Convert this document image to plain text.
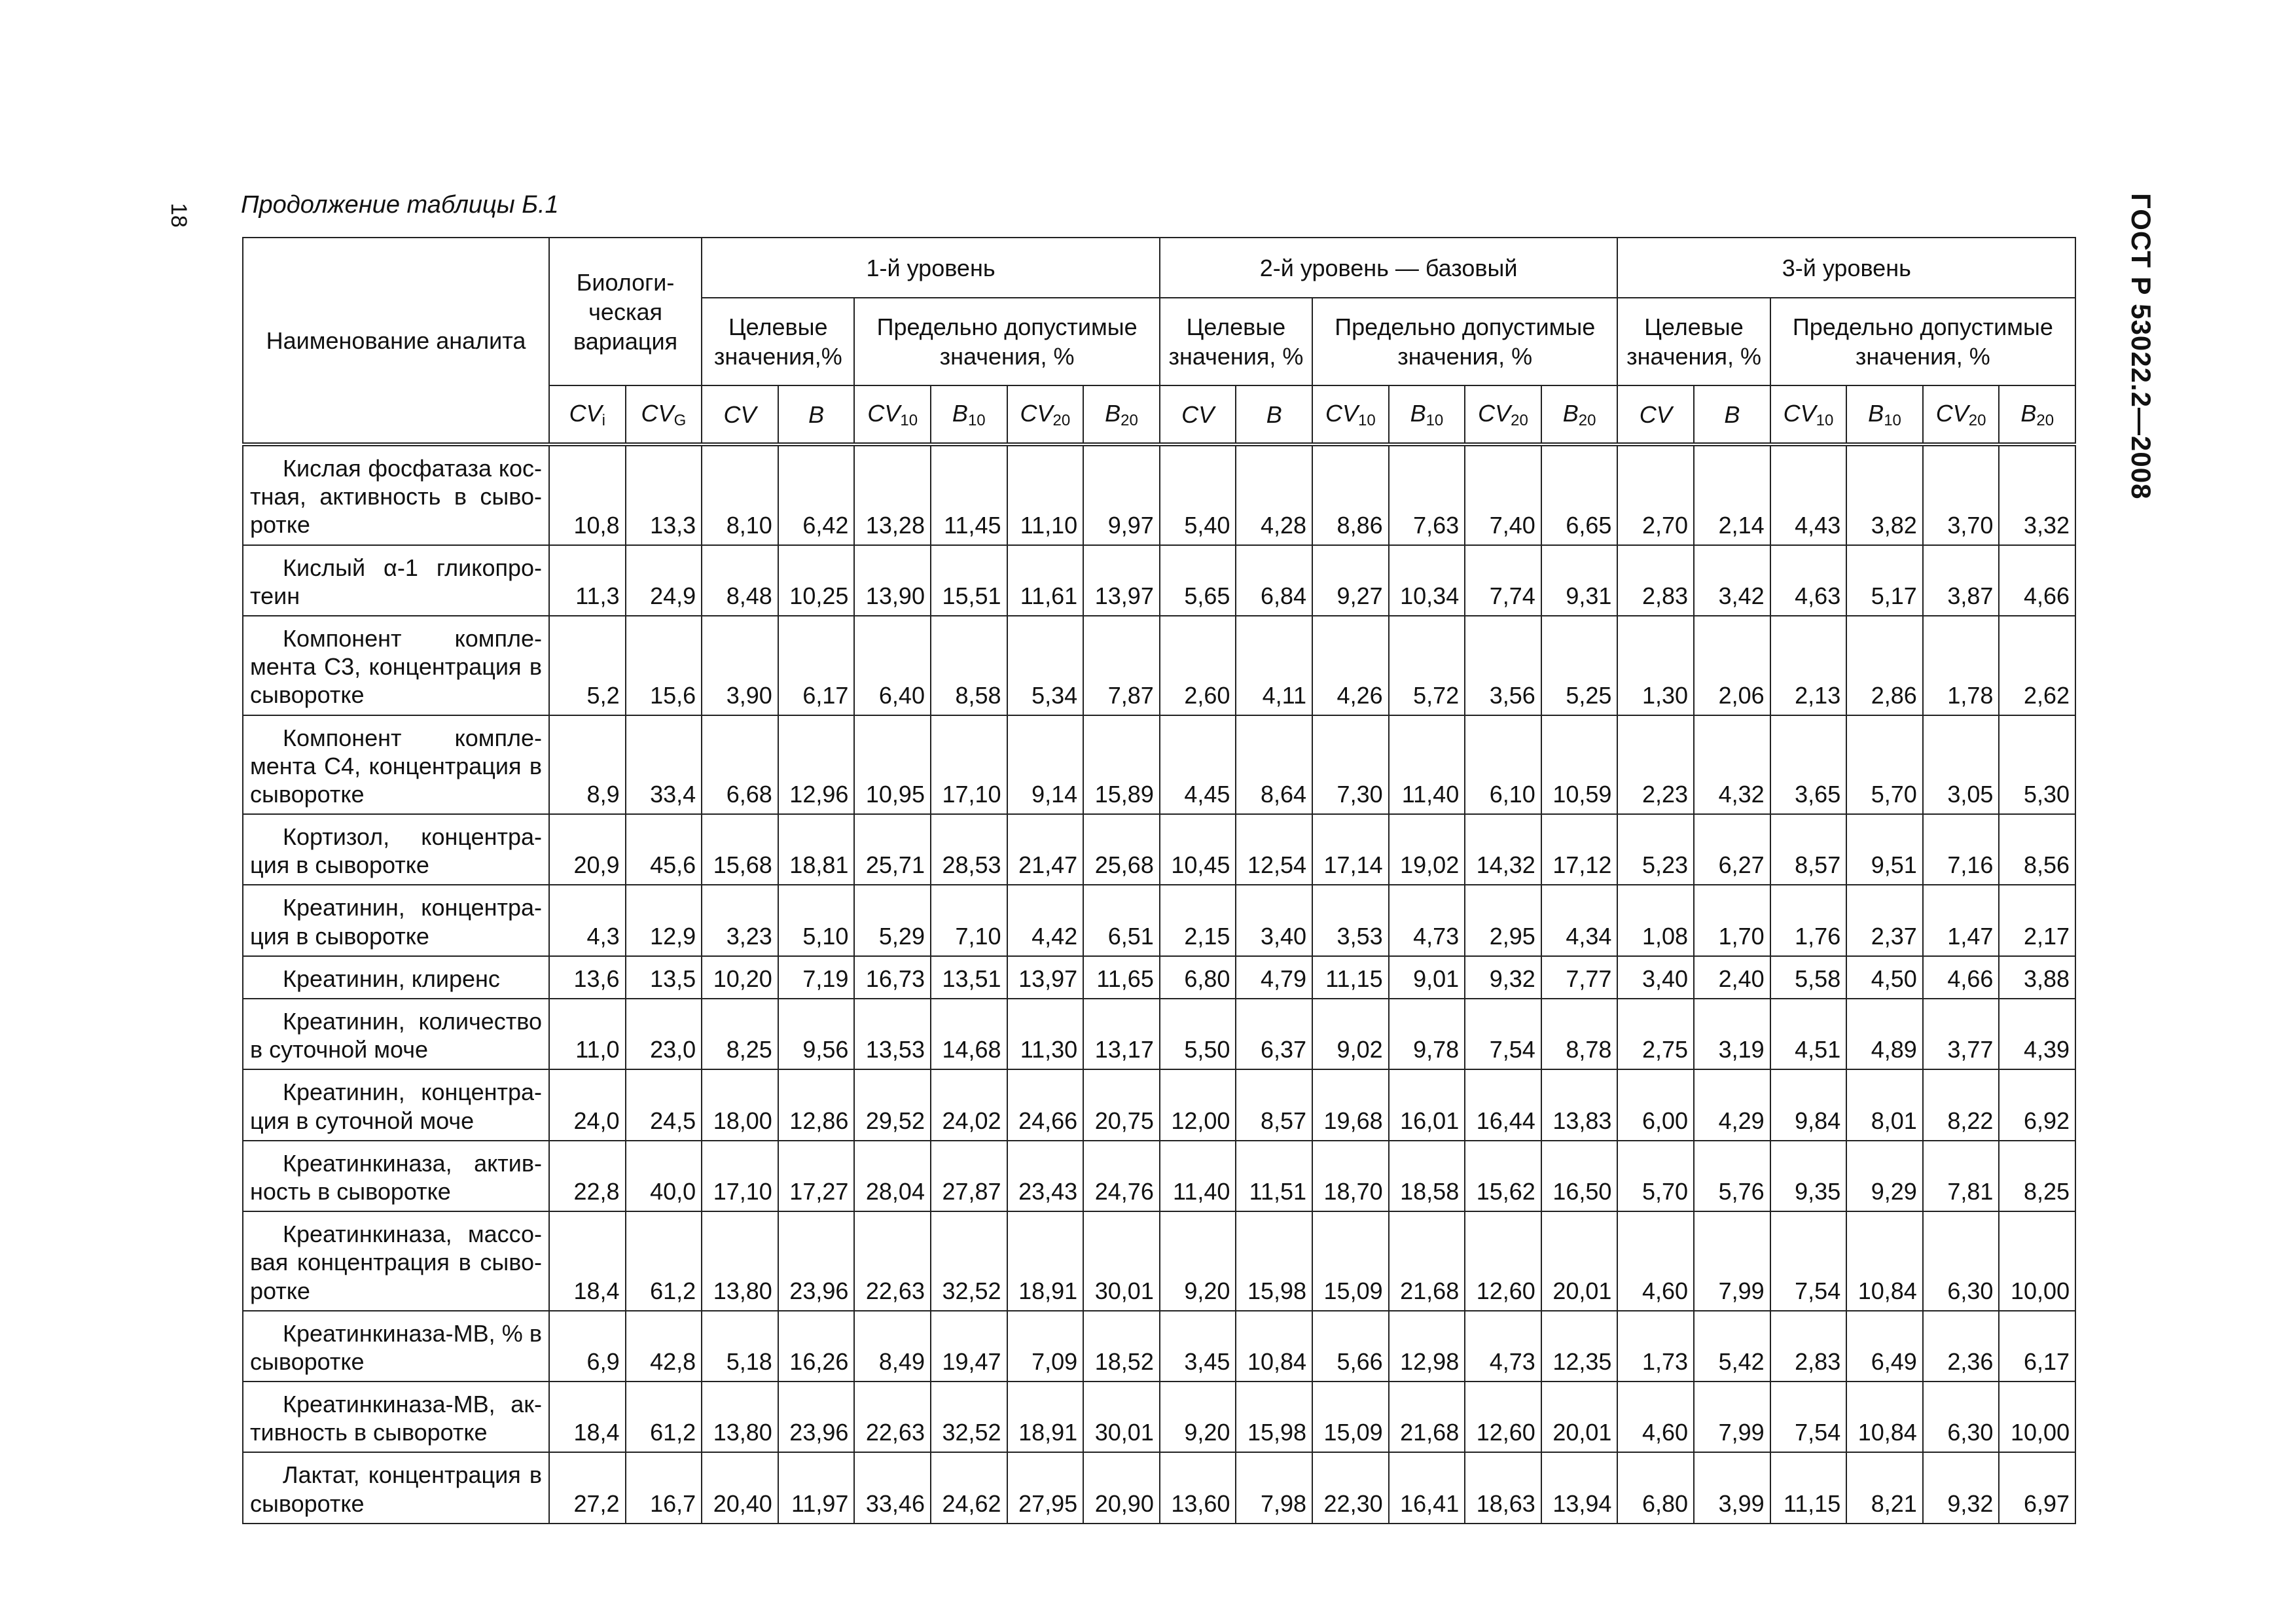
18	ГОСТ Р 53022.2—2008
Продолжение таблицы Б.1
Наименование аналита	Биологи-ческая вариация		1-й уровень						2-й уровень — базовый						3-й уровень					
			Целевые значения,%		Предельно допустимые значения, %				Целевые значения, %		Предельно допустимые значения, %				Целевые значения, %		Предельно допустимые значения, %			
	$CV_i$	$CV_G$	CV	B	$CV_{10}$	$B_{10}$	$CV_{20}$	$B_{20}$	CV	B	$CV_{10}$	$B_{10}$	$CV_{20}$	$B_{20}$	CV	B	$CV_{10}$	$B_{10}$	$CV_{20}$	$B_{20}$
Кислая фосфатаза кос-тная, активность в сыво-ротке	10,8	13,3	8,10	6,42	13,28	11,45	11,10	9,97	5,40	4,28	8,86	7,63	7,40	6,65	2,70	2,14	4,43	3,82	3,70	3,32
Кислый α-1 гликопро-теин	11,3	24,9	8,48	10,25	13,90	15,51	11,61	13,97	5,65	6,84	9,27	10,34	7,74	9,31	2,83	3,42	4,63	5,17	3,87	4,66
Компонент компле-мента С3, концентрация в сыворотке	5,2	15,6	3,90	6,17	6,40	8,58	5,34	7,87	2,60	4,11	4,26	5,72	3,56	5,25	1,30	2,06	2,13	2,86	1,78	2,62
Компонент компле-мента С4, концентрация в сыворотке	8,9	33,4	6,68	12,96	10,95	17,10	9,14	15,89	4,45	8,64	7,30	11,40	6,10	10,59	2,23	4,32	3,65	5,70	3,05	5,30
Кортизол, концентра-ция в сыворотке	20,9	45,6	15,68	18,81	25,71	28,53	21,47	25,68	10,45	12,54	17,14	19,02	14,32	17,12	5,23	6,27	8,57	9,51	7,16	8,56
Креатинин, концентра-ция в сыворотке	4,3	12,9	3,23	5,10	5,29	7,10	4,42	6,51	2,15	3,40	3,53	4,73	2,95	4,34	1,08	1,70	1,76	2,37	1,47	2,17
Креатинин, клиренс	13,6	13,5	10,20	7,19	16,73	13,51	13,97	11,65	6,80	4,79	11,15	9,01	9,32	7,77	3,40	2,40	5,58	4,50	4,66	3,88
Креатинин, количество в суточной моче	11,0	23,0	8,25	9,56	13,53	14,68	11,30	13,17	5,50	6,37	9,02	9,78	7,54	8,78	2,75	3,19	4,51	4,89	3,77	4,39
Креатинин, концентра-ция в суточной моче	24,0	24,5	18,00	12,86	29,52	24,02	24,66	20,75	12,00	8,57	19,68	16,01	16,44	13,83	6,00	4,29	9,84	8,01	8,22	6,92
Креатинкиназа, актив-ность в сыворотке	22,8	40,0	17,10	17,27	28,04	27,87	23,43	24,76	11,40	11,51	18,70	18,58	15,62	16,50	5,70	5,76	9,35	9,29	7,81	8,25
Креатинкиназа, массо-вая концентрация в сыво-ротке	18,4	61,2	13,80	23,96	22,63	32,52	18,91	30,01	9,20	15,98	15,09	21,68	12,60	20,01	4,60	7,99	7,54	10,84	6,30	10,00
Креатинкиназа-МВ, % в сыворотке	6,9	42,8	5,18	16,26	8,49	19,47	7,09	18,52	3,45	10,84	5,66	12,98	4,73	12,35	1,73	5,42	2,83	6,49	2,36	6,17
Креатинкиназа-МВ, ак-тивность в сыворотке	18,4	61,2	13,80	23,96	22,63	32,52	18,91	30,01	9,20	15,98	15,09	21,68	12,60	20,01	4,60	7,99	7,54	10,84	6,30	10,00
Лактат, концентрация в сыворотке	27,2	16,7	20,40	11,97	33,46	24,62	27,95	20,90	13,60	7,98	22,30	16,41	18,63	13,94	6,80	3,99	11,15	8,21	9,32	6,97
